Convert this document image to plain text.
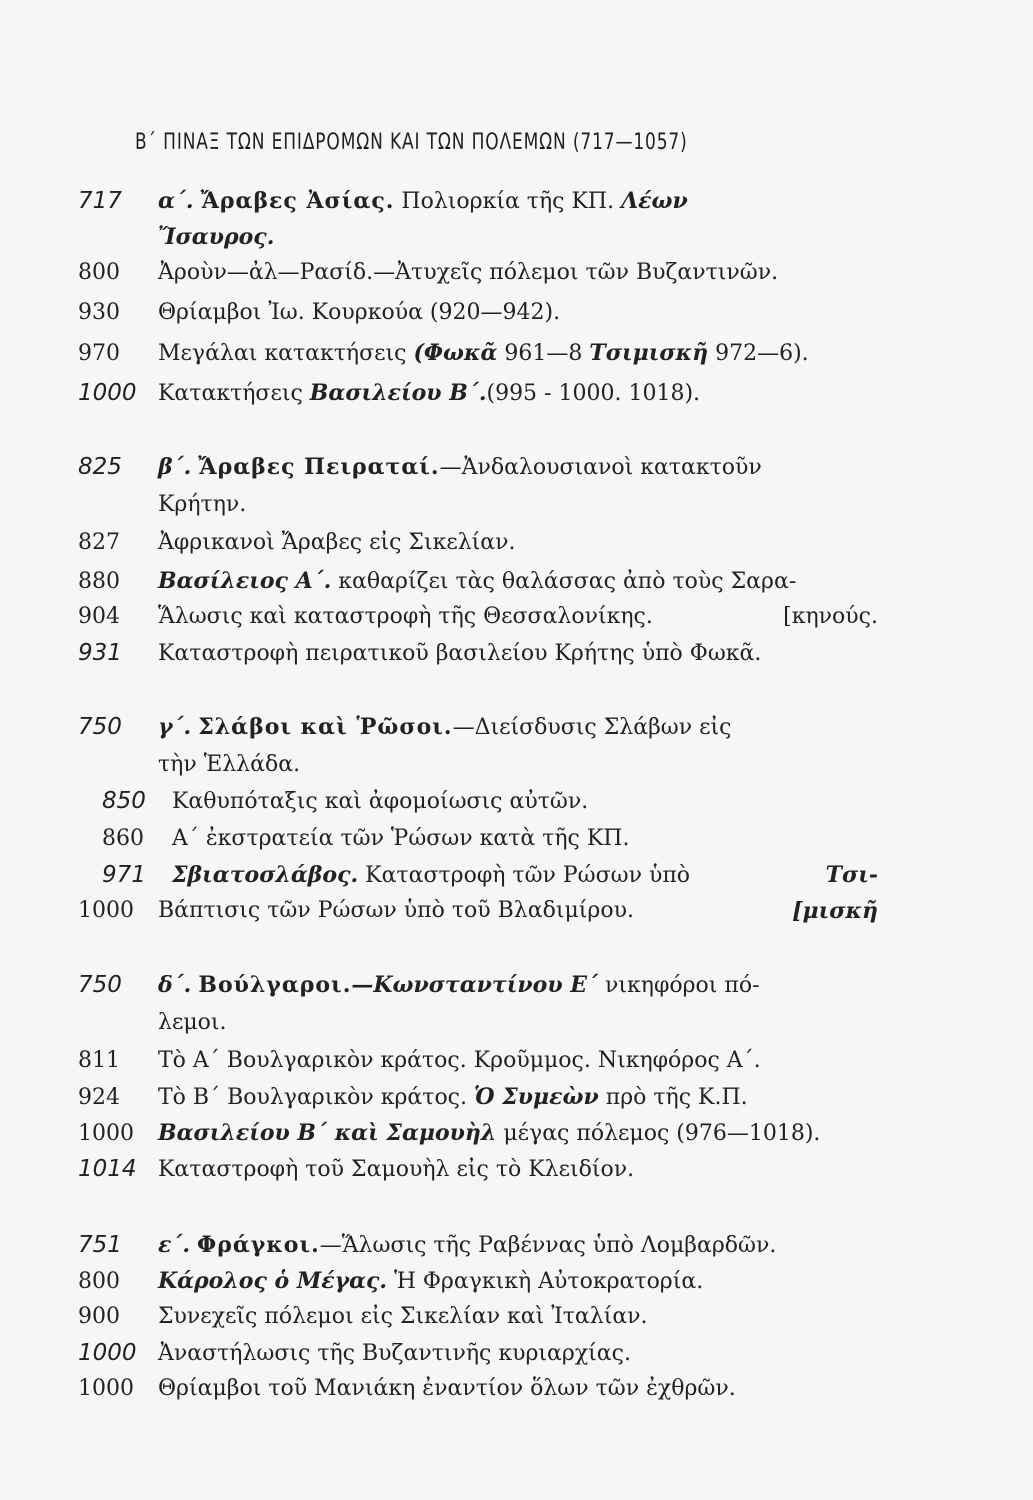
Β΄ ΠΙΝΑΞ ΤΩΝ ΕΠΙΔΡΟΜΩΝ ΚΑΙ ΤΩΝ ΠΟΛΕΜΩΝ (717—1057)
717 α΄. Ἄραβες Ἀσίας. Πολιορκία τῆς ΚΠ. Λέων
Ἴσαυρος.
800 Ἀροὺν—ἀλ—Ρασίδ.—Ἀτυχεῖς πόλεμοι τῶν Βυζαντινῶν.
930 Θρίαμβοι Ἰω. Κουρκούα (920—942).
970 Μεγάλαι κατακτήσεις (Φωκᾶ 961—8 Τσιμισκῆ 972—6).
1000 Κατακτήσεις Βασιλείου Β΄.(995 - 1000. 1018).
825 β΄. Ἄραβες Πειραταί.—Ἀνδαλουσιανοὶ κατακτοῦν
Κρήτην.
827 Ἀφρικανοὶ Ἄραβες εἰς Σικελίαν.
880 Βασίλειος Α΄. καθαρίζει τὰς θαλάσσας ἀπὸ τοὺς Σαρα-
904 Ἅλωσις καὶ καταστροφὴ τῆς Θεσσαλονίκης.	[κηνούς.
931 Καταστροφὴ πειρατικοῦ βασιλείου Κρήτης ὑπὸ Φωκᾶ.
750 γ΄. Σλάβοι καὶ Ῥῶσοι.—Διείσδυσις Σλάβων εἰς
τὴν Ἑλλάδα.
850 Καθυπόταξις καὶ ἀφομοίωσις αὐτῶν.
860 Α΄ ἐκστρατεία τῶν Ῥώσων κατὰ τῆς ΚΠ.
971 Σβιατοσλάβος. Καταστροφὴ τῶν Ρώσων ὑπὸ	Τσι-
1000 Βάπτισις τῶν Ρώσων ὑπὸ τοῦ Βλαδιμίρου.	[μισκῆ
750 δ΄. Βούλγαροι.—Κωνσταντίνου Ε΄ νικηφόροι πό-
λεμοι.
811 Τὸ Α΄ Βουλγαρικὸν κράτος. Κροῦμμος. Νικηφόρος Α΄.
924 Τὸ Β΄ Βουλγαρικὸν κράτος. Ὁ Συμεὼν πρὸ τῆς Κ.Π.
1000 Βασιλείου Β΄ καὶ Σαμουὴλ μέγας πόλεμος (976—1018).
1014 Καταστροφὴ τοῦ Σαμουὴλ εἰς τὸ Κλειδίον.
751 ε΄. Φράγκοι.—Ἅλωσις τῆς Ραβέννας ὑπὸ Λομβαρδῶν.
800 Κάρολος ὁ Μέγας. Ἡ Φραγκικὴ Αὐτοκρατορία.
900 Συνεχεῖς πόλεμοι εἰς Σικελίαν καὶ Ἰταλίαν.
1000 Ἀναστήλωσις τῆς Βυζαντινῆς κυριαρχίας.
1000 Θρίαμβοι τοῦ Μανιάκη ἐναντίον ὅλων τῶν ἐχθρῶν.
